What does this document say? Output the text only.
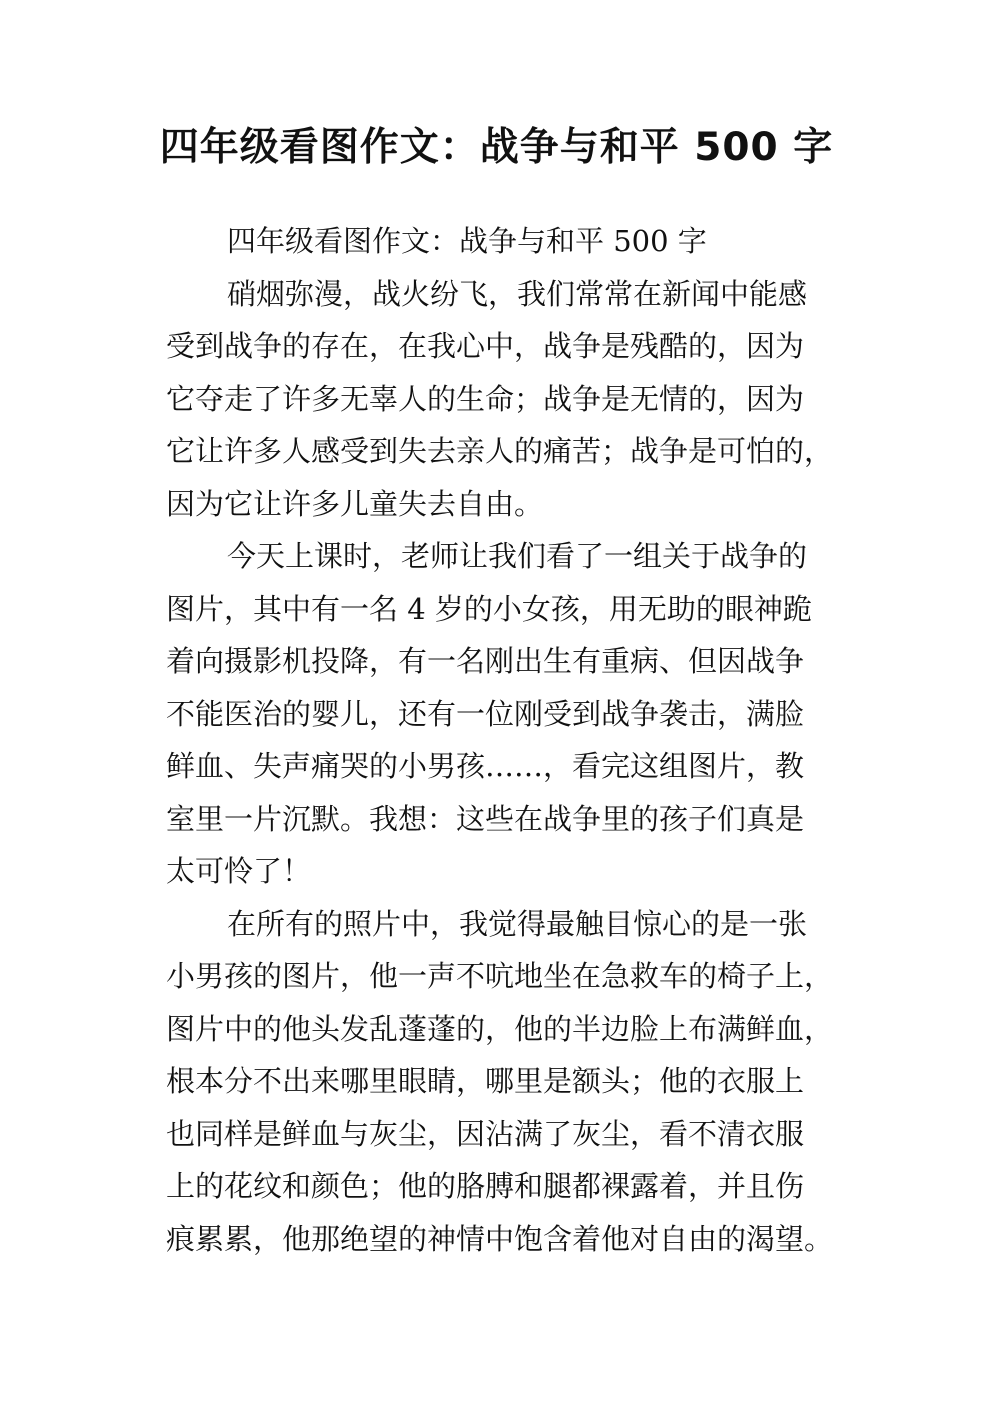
四年级看图作文：战争与和平 500 字

四年级看图作文：战争与和平 500 字

硝烟弥漫，战火纷飞，我们常常在新闻中能感

受到战争的存在，在我心中，战争是残酷的，因为

它夺走了许多无辜人的生命；战争是无情的，因为

它让许多人感受到失去亲人的痛苦；战争是可怕的，

因为它让许多儿童失去自由。

今天上课时，老师让我们看了一组关于战争的

图片，其中有一名 4 岁的小女孩，用无助的眼神跪

着向摄影机投降，有一名刚出生有重病、但因战争

不能医治的婴儿，还有一位刚受到战争袭击，满脸

鲜血、失声痛哭的小男孩……，看完这组图片，教

室里一片沉默。我想：这些在战争里的孩子们真是

太可怜了！

在所有的照片中，我觉得最触目惊心的是一张

小男孩的图片，他一声不吭地坐在急救车的椅子上，

图片中的他头发乱蓬蓬的，他的半边脸上布满鲜血，

根本分不出来哪里眼睛，哪里是额头；他的衣服上

也同样是鲜血与灰尘，因沾满了灰尘，看不清衣服

上的花纹和颜色；他的胳膊和腿都裸露着，并且伤

痕累累，他那绝望的神情中饱含着他对自由的渴望。
